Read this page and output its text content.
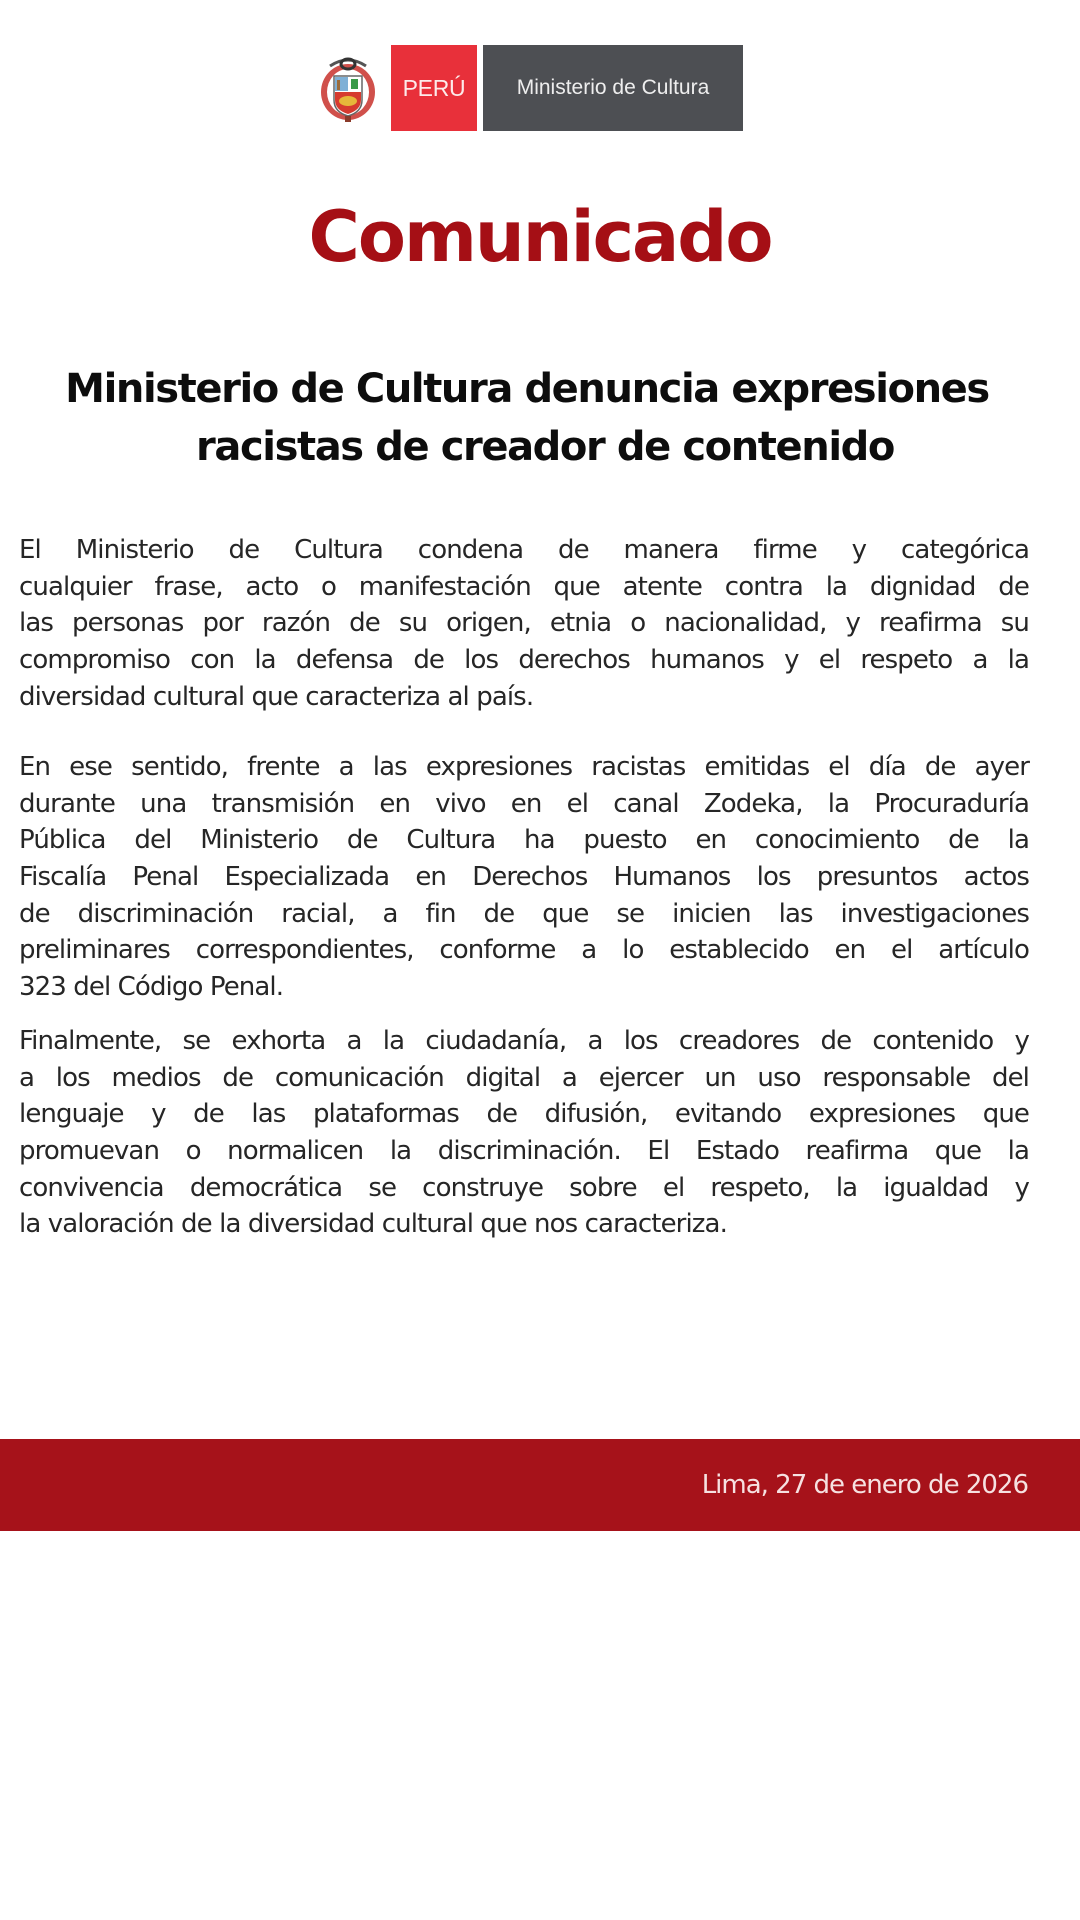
PERÚ Ministerio de Cultura
Comunicado
Ministerio de Cultura denuncia expresiones
racistas de creador de contenido
El Ministerio de Cultura condena de manera firme y categórica
cualquier frase, acto o manifestación que atente contra la dignidad de
las personas por razón de su origen, etnia o nacionalidad, y reafirma su
compromiso con la defensa de los derechos humanos y el respeto a la
diversidad cultural que caracteriza al país.
En ese sentido, frente a las expresiones racistas emitidas el día de ayer
durante una transmisión en vivo en el canal Zodeka, la Procuraduría
Pública del Ministerio de Cultura ha puesto en conocimiento de la
Fiscalía Penal Especializada en Derechos Humanos los presuntos actos
de discriminación racial, a fin de que se inicien las investigaciones
preliminares correspondientes, conforme a lo establecido en el artículo
323 del Código Penal.
Finalmente, se exhorta a la ciudadanía, a los creadores de contenido y
a los medios de comunicación digital a ejercer un uso responsable del
lenguaje y de las plataformas de difusión, evitando expresiones que
promuevan o normalicen la discriminación. El Estado reafirma que la
convivencia democrática se construye sobre el respeto, la igualdad y
la valoración de la diversidad cultural que nos caracteriza.
Lima, 27 de enero de 2026
